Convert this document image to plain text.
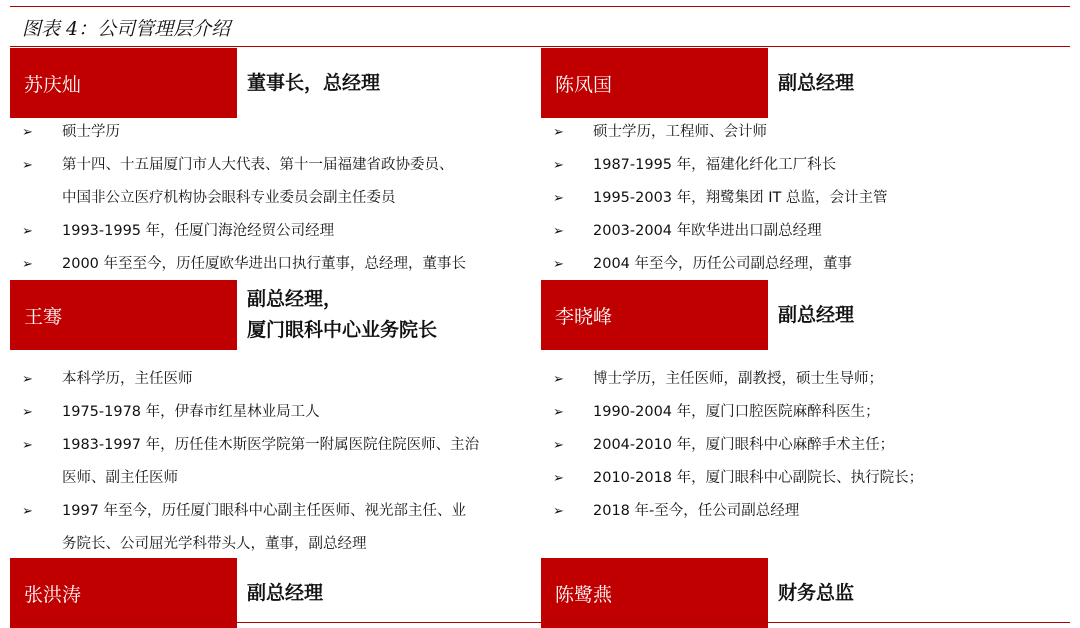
图表 4：公司管理层介绍
苏庆灿	董事长，总经理
➢ 硕士学历
➢ 第十四、十五届厦门市人大代表、第十一届福建省政协委员、
中国非公立医疗机构协会眼科专业委员会副主任委员
➢ 1993-1995 年，任厦门海沧经贸公司经理
➢ 2000 年至至今，历任厦欧华进出口执行董事，总经理，董事长
王骞
副总经理，
厦门眼科中心业务院长
➢ 本科学历，主任医师
➢ 1975-1978 年，伊春市红星林业局工人
➢ 1983-1997 年，历任佳木斯医学院第一附属医院住院医师、主治
医师、副主任医师
➢ 1997 年至今，历任厦门眼科中心副主任医师、视光部主任、业
务院长、公司屈光学科带头人，董事，副总经理
张洪涛	副总经理
陈凤国	副总经理
➢ 硕士学历，工程师、会计师
➢ 1987-1995 年，福建化纤化工厂科长
➢ 1995-2003 年，翔鹭集团 IT 总监，会计主管
➢ 2003-2004 年欧华进出口副总经理
➢ 2004 年至今，历任公司副总经理，董事
李晓峰	副总经理
➢ 博士学历，主任医师，副教授，硕士生导师；
➢ 1990-2004 年，厦门口腔医院麻醉科医生；
➢ 2004-2010 年，厦门眼科中心麻醉手术主任；
➢ 2010-2018 年，厦门眼科中心副院长、执行院长；
➢ 2018 年-至今，任公司副总经理
陈鹭燕	财务总监
